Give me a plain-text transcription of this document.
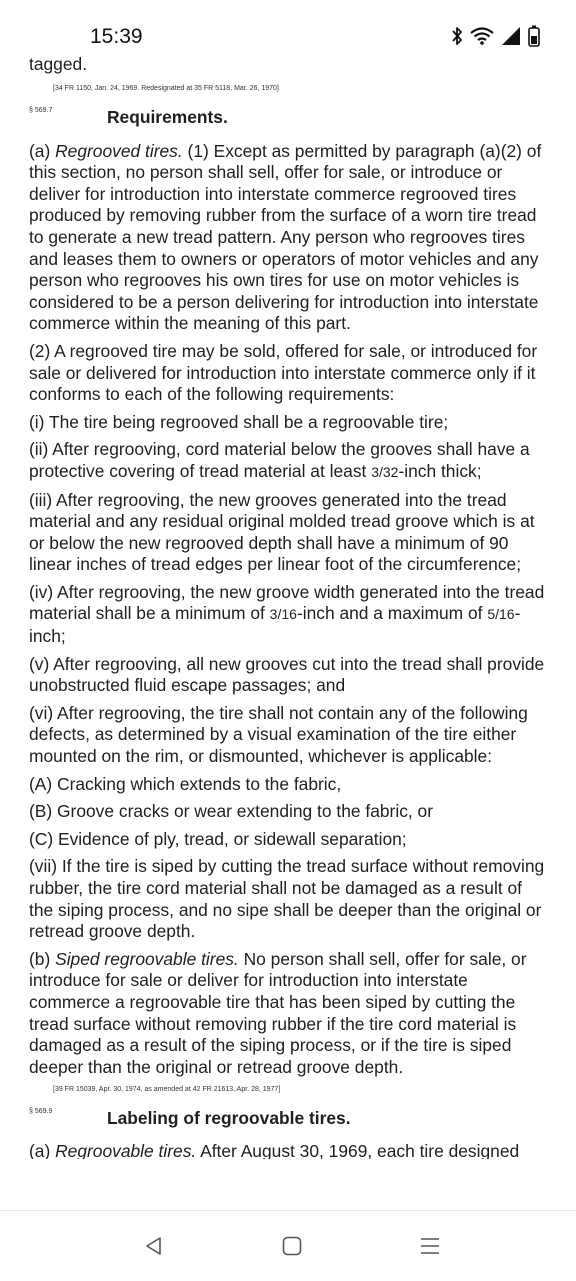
15:39

tagged.

[34 FR 1150, Jan. 24, 1969. Redesignated at 35 FR 5118, Mar. 26, 1970]

§ 569.7	Requirements.

(a) Regrooved tires. (1) Except as permitted by paragraph (a)(2) of this section, no person shall sell, offer for sale, or introduce or deliver for introduction into interstate commerce regrooved tires produced by removing rubber from the surface of a worn tire tread to generate a new tread pattern. Any person who regrooves tires and leases them to owners or operators of motor vehicles and any person who regrooves his own tires for use on motor vehicles is considered to be a person delivering for introduction into interstate commerce within the meaning of this part.

(2) A regrooved tire may be sold, offered for sale, or introduced for sale or delivered for introduction into interstate commerce only if it conforms to each of the following requirements:

(i) The tire being regrooved shall be a regroovable tire;

(ii) After regrooving, cord material below the grooves shall have a protective covering of tread material at least 3/32-inch thick;

(iii) After regrooving, the new grooves generated into the tread material and any residual original molded tread groove which is at or below the new regrooved depth shall have a minimum of 90 linear inches of tread edges per linear foot of the circumference;

(iv) After regrooving, the new groove width generated into the tread material shall be a minimum of 3/16-inch and a maximum of 5/16-inch;

(v) After regrooving, all new grooves cut into the tread shall provide unobstructed fluid escape passages; and

(vi) After regrooving, the tire shall not contain any of the following defects, as determined by a visual examination of the tire either mounted on the rim, or dismounted, whichever is applicable:

(A) Cracking which extends to the fabric,

(B) Groove cracks or wear extending to the fabric, or

(C) Evidence of ply, tread, or sidewall separation;

(vii) If the tire is siped by cutting the tread surface without removing rubber, the tire cord material shall not be damaged as a result of the siping process, and no sipe shall be deeper than the original or retread groove depth.

(b) Siped regroovable tires. No person shall sell, offer for sale, or introduce for sale or deliver for introduction into interstate commerce a regroovable tire that has been siped by cutting the tread surface without removing rubber if the tire cord material is damaged as a result of the siping process, or if the tire is siped deeper than the original or retread groove depth.

[39 FR 15039, Apr. 30, 1974, as amended at 42 FR 21613, Apr. 28, 1977]

§ 569.9	Labeling of regroovable tires.

(a) Regroovable tires. After August 30, 1969, each tire designed
